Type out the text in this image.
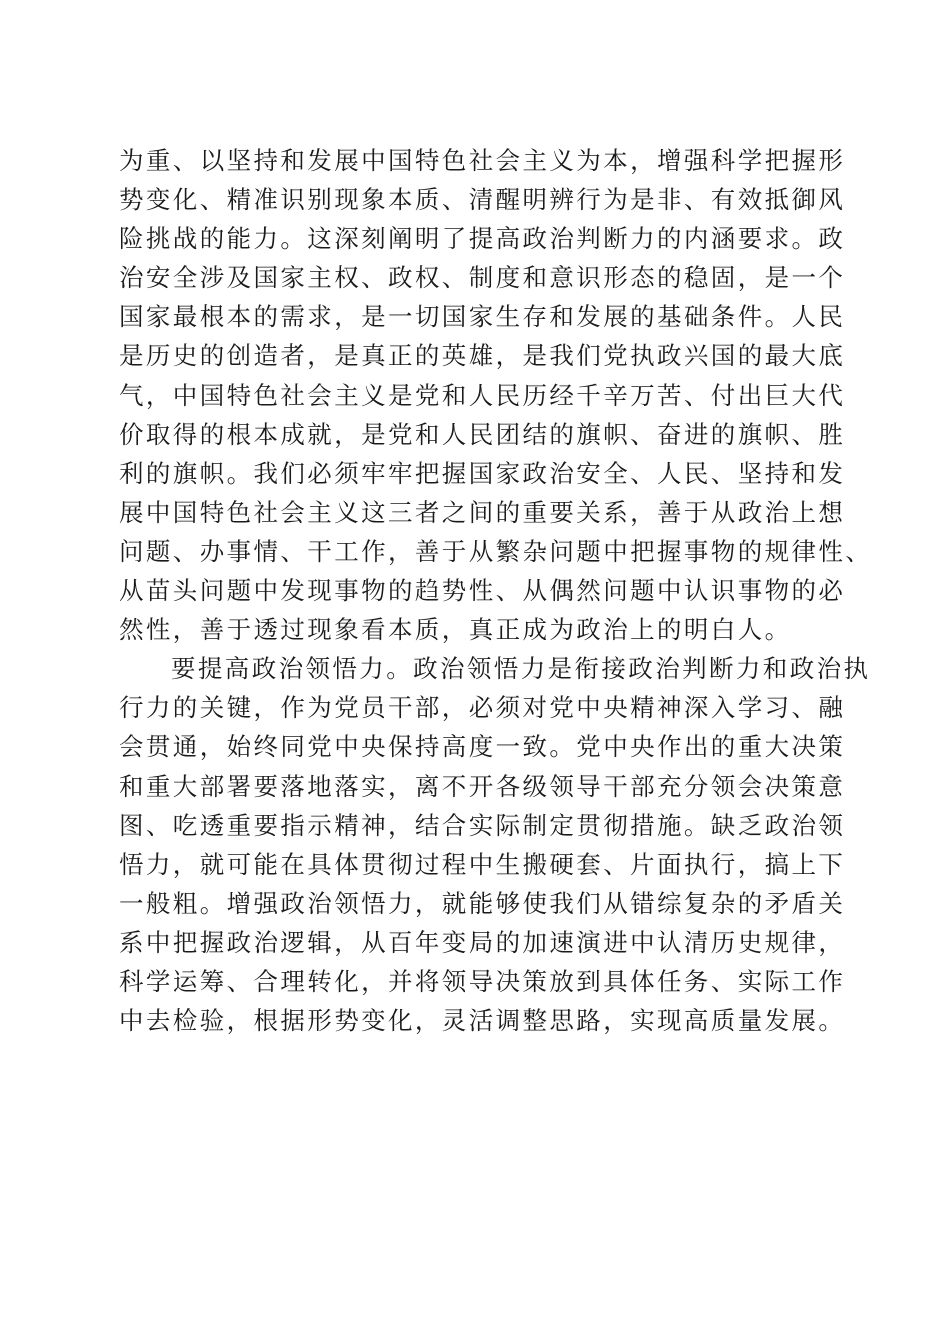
为重、以坚持和发展中国特色社会主义为本，增强科学把握形
势变化、精准识别现象本质、清醒明辨行为是非、有效抵御风
险挑战的能力。这深刻阐明了提高政治判断力的内涵要求。政
治安全涉及国家主权、政权、制度和意识形态的稳固，是一个
国家最根本的需求，是一切国家生存和发展的基础条件。人民
是历史的创造者，是真正的英雄，是我们党执政兴国的最大底
气，中国特色社会主义是党和人民历经千辛万苦、付出巨大代
价取得的根本成就，是党和人民团结的旗帜、奋进的旗帜、胜
利的旗帜。我们必须牢牢把握国家政治安全、人民、坚持和发
展中国特色社会主义这三者之间的重要关系，善于从政治上想
问题、办事情、干工作，善于从繁杂问题中把握事物的规律性、
从苗头问题中发现事物的趋势性、从偶然问题中认识事物的必
然性，善于透过现象看本质，真正成为政治上的明白人。
要提高政治领悟力。政治领悟力是衔接政治判断力和政治执
行力的关键，作为党员干部，必须对党中央精神深入学习、融
会贯通，始终同党中央保持高度一致。党中央作出的重大决策
和重大部署要落地落实，离不开各级领导干部充分领会决策意
图、吃透重要指示精神，结合实际制定贯彻措施。缺乏政治领
悟力，就可能在具体贯彻过程中生搬硬套、片面执行，搞上下
一般粗。增强政治领悟力，就能够使我们从错综复杂的矛盾关
系中把握政治逻辑，从百年变局的加速演进中认清历史规律，
科学运筹、合理转化，并将领导决策放到具体任务、实际工作
中去检验，根据形势变化，灵活调整思路，实现高质量发展。
